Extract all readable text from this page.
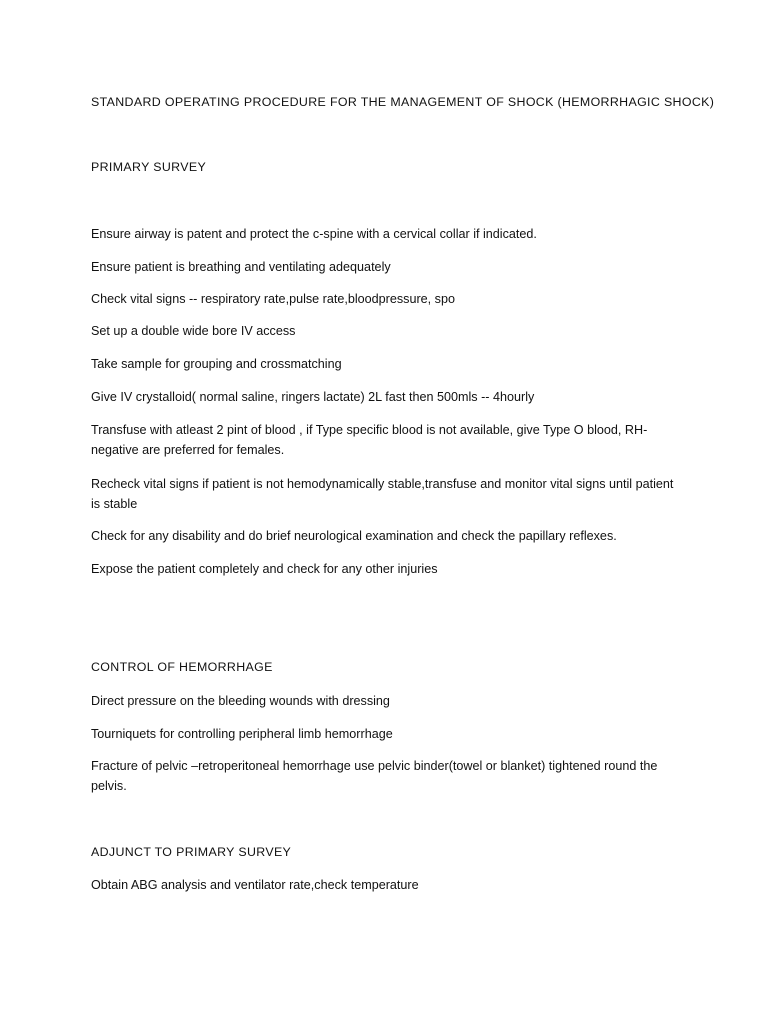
STANDARD OPERATING PROCEDURE FOR THE MANAGEMENT OF SHOCK (HEMORRHAGIC SHOCK)

PRIMARY SURVEY

Ensure airway is patent and protect the c-spine with a cervical collar if indicated.

Ensure patient is breathing and ventilating adequately

Check vital signs -- respiratory rate,pulse rate,bloodpressure, spo

Set up a double wide bore IV access

Take sample for grouping and crossmatching

Give IV crystalloid( normal saline, ringers lactate) 2L fast then 500mls -- 4hourly

Transfuse with atleast 2 pint of blood , if Type specific blood is not available, give Type O blood, RH-negative are preferred for females.

Recheck vital signs if patient is not hemodynamically stable,transfuse and monitor vital signs until patient is stable

Check for any disability and do brief neurological examination and check the papillary reflexes.

Expose the patient completely and check for any other injuries

CONTROL OF HEMORRHAGE

Direct pressure on the bleeding wounds with dressing

Tourniquets for controlling peripheral limb hemorrhage

Fracture of pelvic –retroperitoneal hemorrhage use pelvic binder(towel or blanket) tightened round the pelvis.

ADJUNCT TO PRIMARY SURVEY

Obtain ABG analysis and ventilator rate,check temperature
